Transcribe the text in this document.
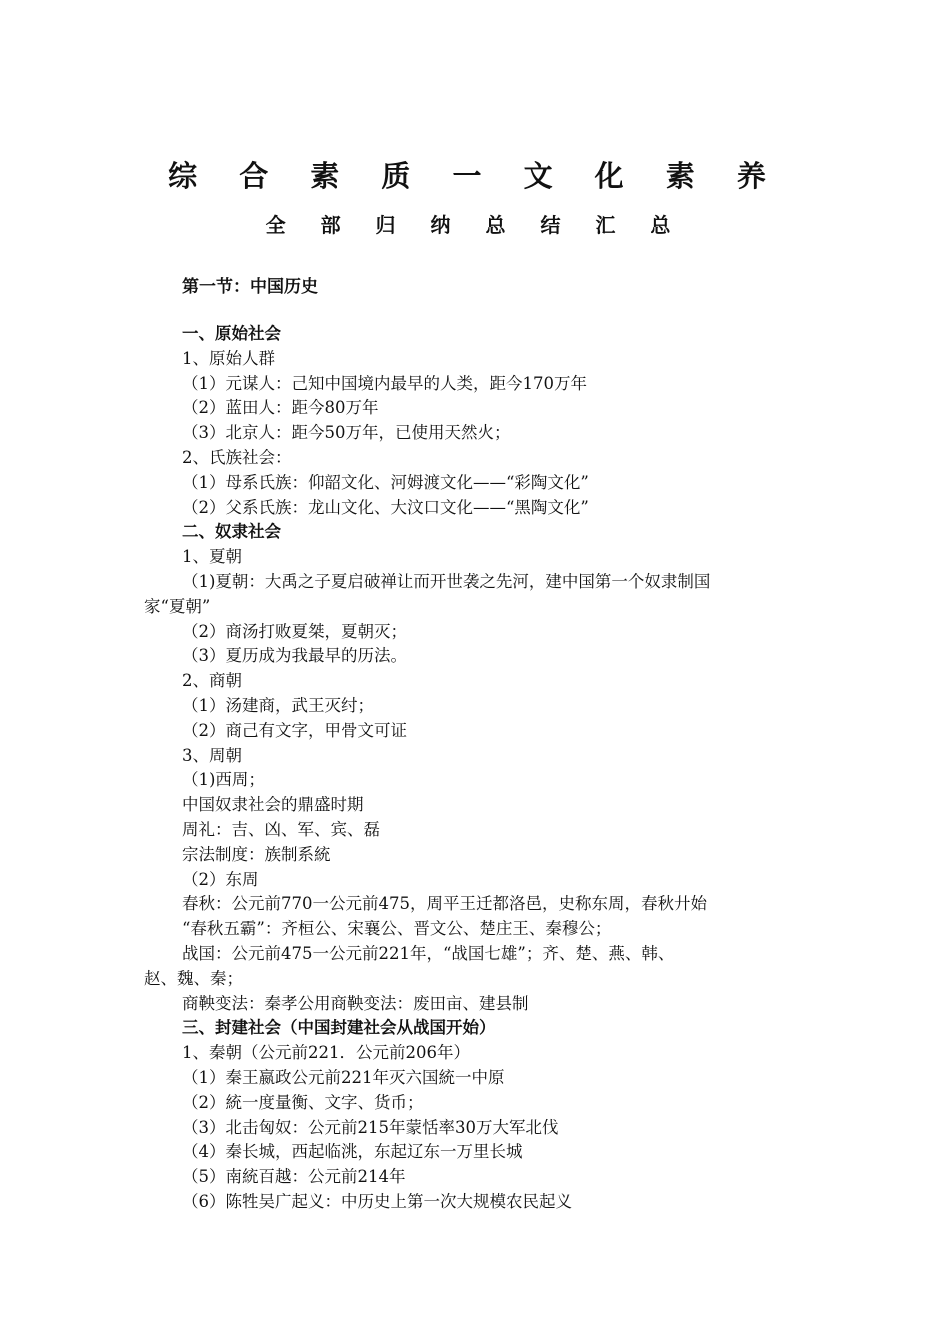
综 合 素 质 一 文 化 素 养
全 部 归 纳 总 结 汇 总
第一节：中国历史
一、原始社会
1、原始人群
（1）元谋人：己知中国境内最早的人类，距今170万年
（2）蓝田人：距今80万年
（3）北京人：距今50万年，已使用天然火；
2、氏族社会：
（1）母系氏族：仰韶文化、河姆渡文化——“彩陶文化”
（2）父系氏族：龙山文化、大汶口文化——“黑陶文化”
二、奴隶社会
1、夏朝
（1)夏朝：大禹之子夏启破禅让而开世袭之先河，建中国第一个奴隶制国
家“夏朝”
（2）商汤打败夏桀，夏朝灭；
（3）夏历成为我最早的历法。
2、商朝
（1）汤建商，武王灭纣；
（2）商己有文字，甲骨文可证
3、周朝
（1)西周；
中国奴隶社会的鼎盛时期
周礼：吉、凶、军、宾、磊
宗法制度：族制系統
（2）东周
春秋：公元前770一公元前475，周平王迁都洛邑，史称东周，春秋廾始
“春秋五霸”：齐桓公、宋襄公、晋文公、楚庄王、秦穆公；
战国：公元前475一公元前221年，“战国七雄”；齐、楚、燕、韩、
赵、魏、秦；
商鞅变法：秦孝公用商鞅变法：废田亩、建县制
三、封建社会（中国封建社会从战国开始）
1、秦朝（公元前221．公元前206年）
（1）秦王嬴政公元前221年灭六国統一中原
（2）統一度量衡、文字、货币；
（3）北击匈奴：公元前215年蒙恬率30万大军北伐
（4）秦长城，西起临洮，东起辽东一万里长城
（5）南統百越：公元前214年
（6）陈牲吴广起义：中历史上第一次大规模农民起义
